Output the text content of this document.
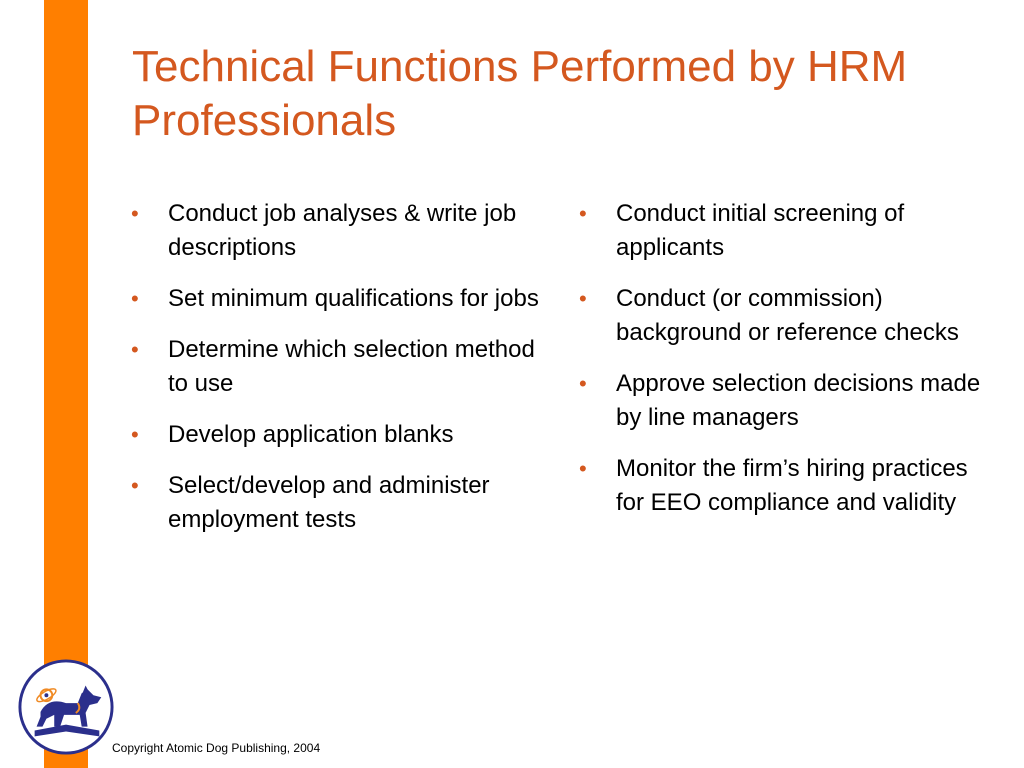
Technical Functions Performed by HRM Professionals
• Conduct job analyses & write job descriptions
• Set minimum qualifications for jobs
• Determine which selection method to use
• Develop application blanks
• Select/develop and administer employment tests
• Conduct initial screening of applicants
• Conduct (or commission) background or reference checks
• Approve selection decisions made by line managers
• Monitor the firm’s hiring practices for EEO compliance and validity
Copyright Atomic Dog Publishing, 2004
